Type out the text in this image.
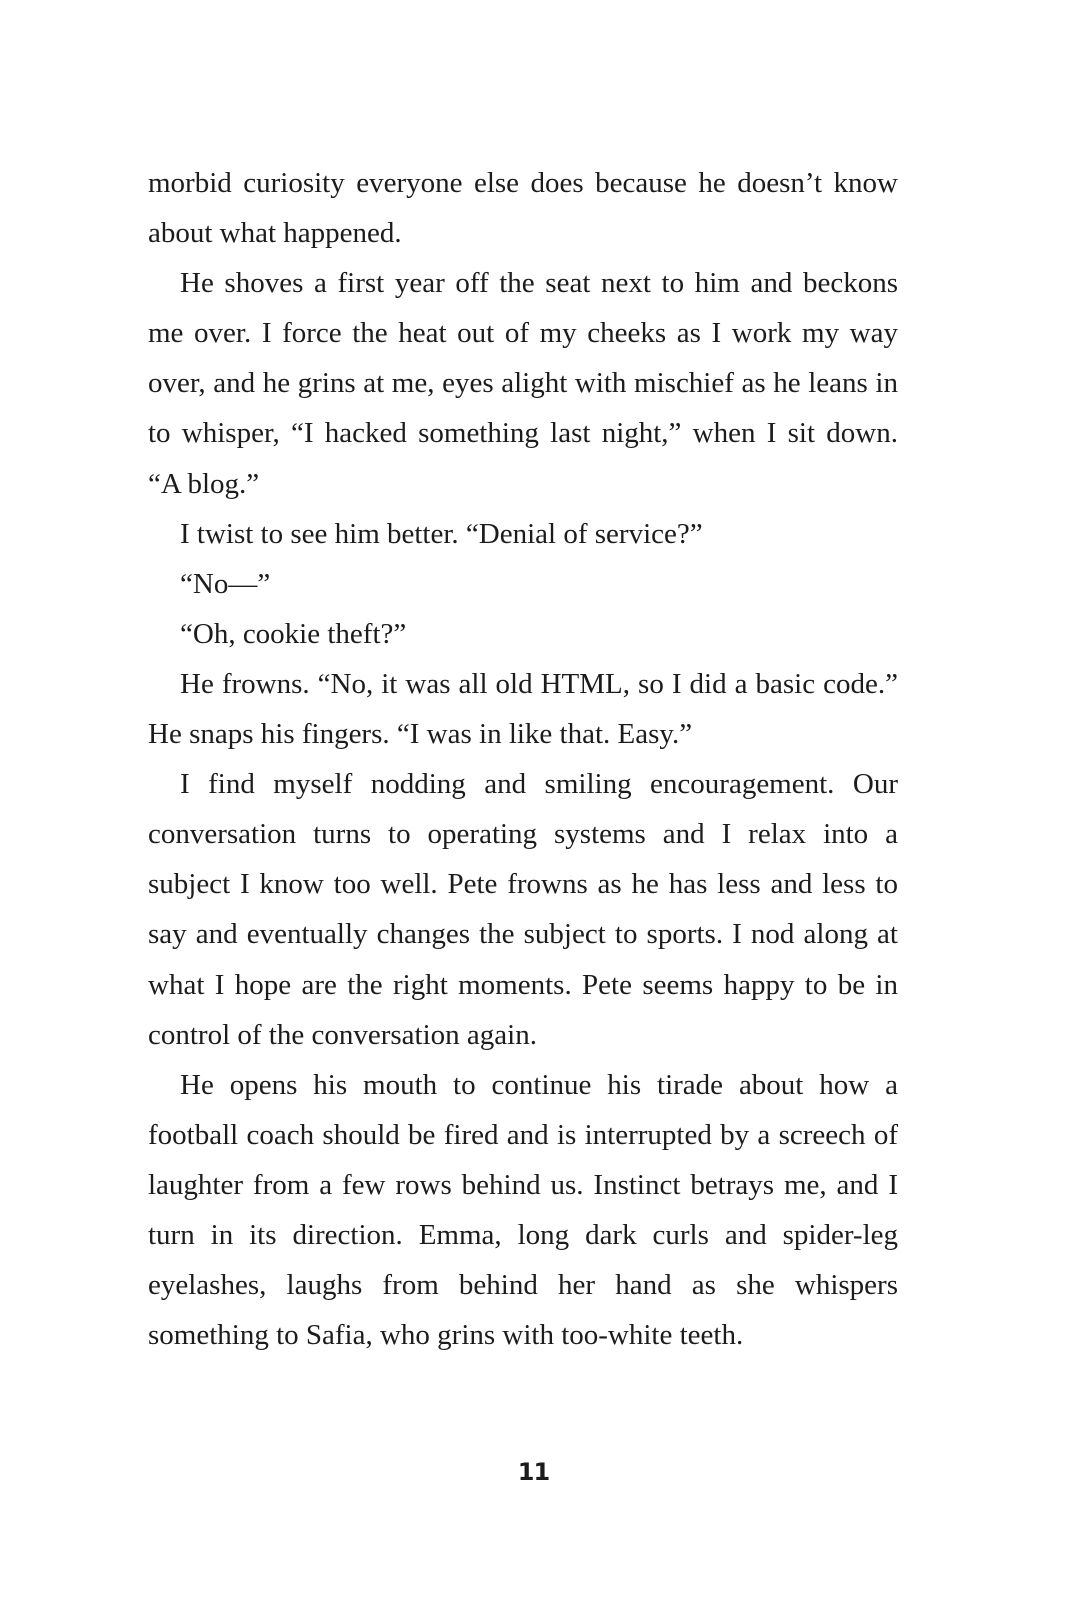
morbid curiosity everyone else does because he doesn’t know about what happened.

He shoves a first year off the seat next to him and beckons me over. I force the heat out of my cheeks as I work my way over, and he grins at me, eyes alight with mischief as he leans in to whisper, “I hacked something last night,” when I sit down. “A blog.”

I twist to see him better. “Denial of service?”

“No—”

“Oh, cookie theft?”

He frowns. “No, it was all old HTML, so I did a basic code.” He snaps his fingers. “I was in like that. Easy.”

I find myself nodding and smiling encouragement. Our conversation turns to operating systems and I relax into a subject I know too well. Pete frowns as he has less and less to say and eventually changes the subject to sports. I nod along at what I hope are the right moments. Pete seems happy to be in control of the conversation again.

He opens his mouth to continue his tirade about how a football coach should be fired and is interrupted by a screech of laughter from a few rows behind us. Instinct betrays me, and I turn in its direction. Emma, long dark curls and spider-leg eyelashes, laughs from behind her hand as she whispers something to Safia, who grins with too-white teeth.

11
